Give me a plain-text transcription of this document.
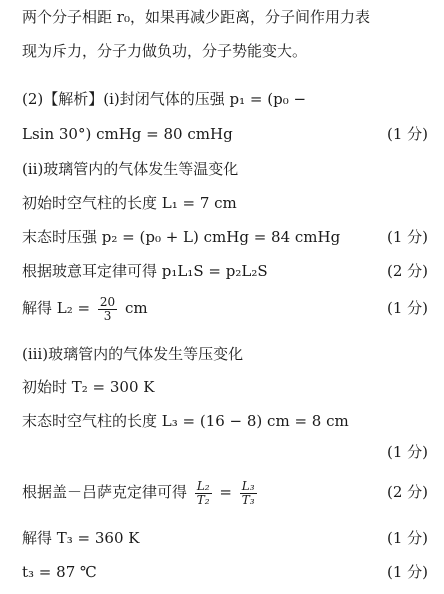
两个分子相距 r₀，如果再减少距离，分子间作用力表
现为斥力，分子力做负功，分子势能变大。
(2)【解析】(ⅰ)封闭气体的压强 p₁ = (p₀ −
Lsin 30°) cmHg = 80 cmHg	(1 分)
(ⅱ)玻璃管内的气体发生等温变化
初始时空气柱的长度 L₁ = 7 cm
末态时压强 p₂ = (p₀ + L) cmHg = 84 cmHg	(1 分)
根据玻意耳定律可得 p₁L₁S = p₂L₂S	(2 分)
解得 $L_2 = \frac{20}{3}$ cm	(1 分)
(ⅲ)玻璃管内的气体发生等压变化
初始时 T₂ = 300 K
末态时空气柱的长度 L₃ = (16 − 8) cm = 8 cm
(1 分)
根据盖－吕萨克定律可得 $\frac{\text{L₂}}{\text{T₂}} = \frac{\text{L₃}}{\text{T₃}}$	(2 分)
解得 T₃ = 360 K	(1 分)
t₃ = 87 ℃	(1 分)
